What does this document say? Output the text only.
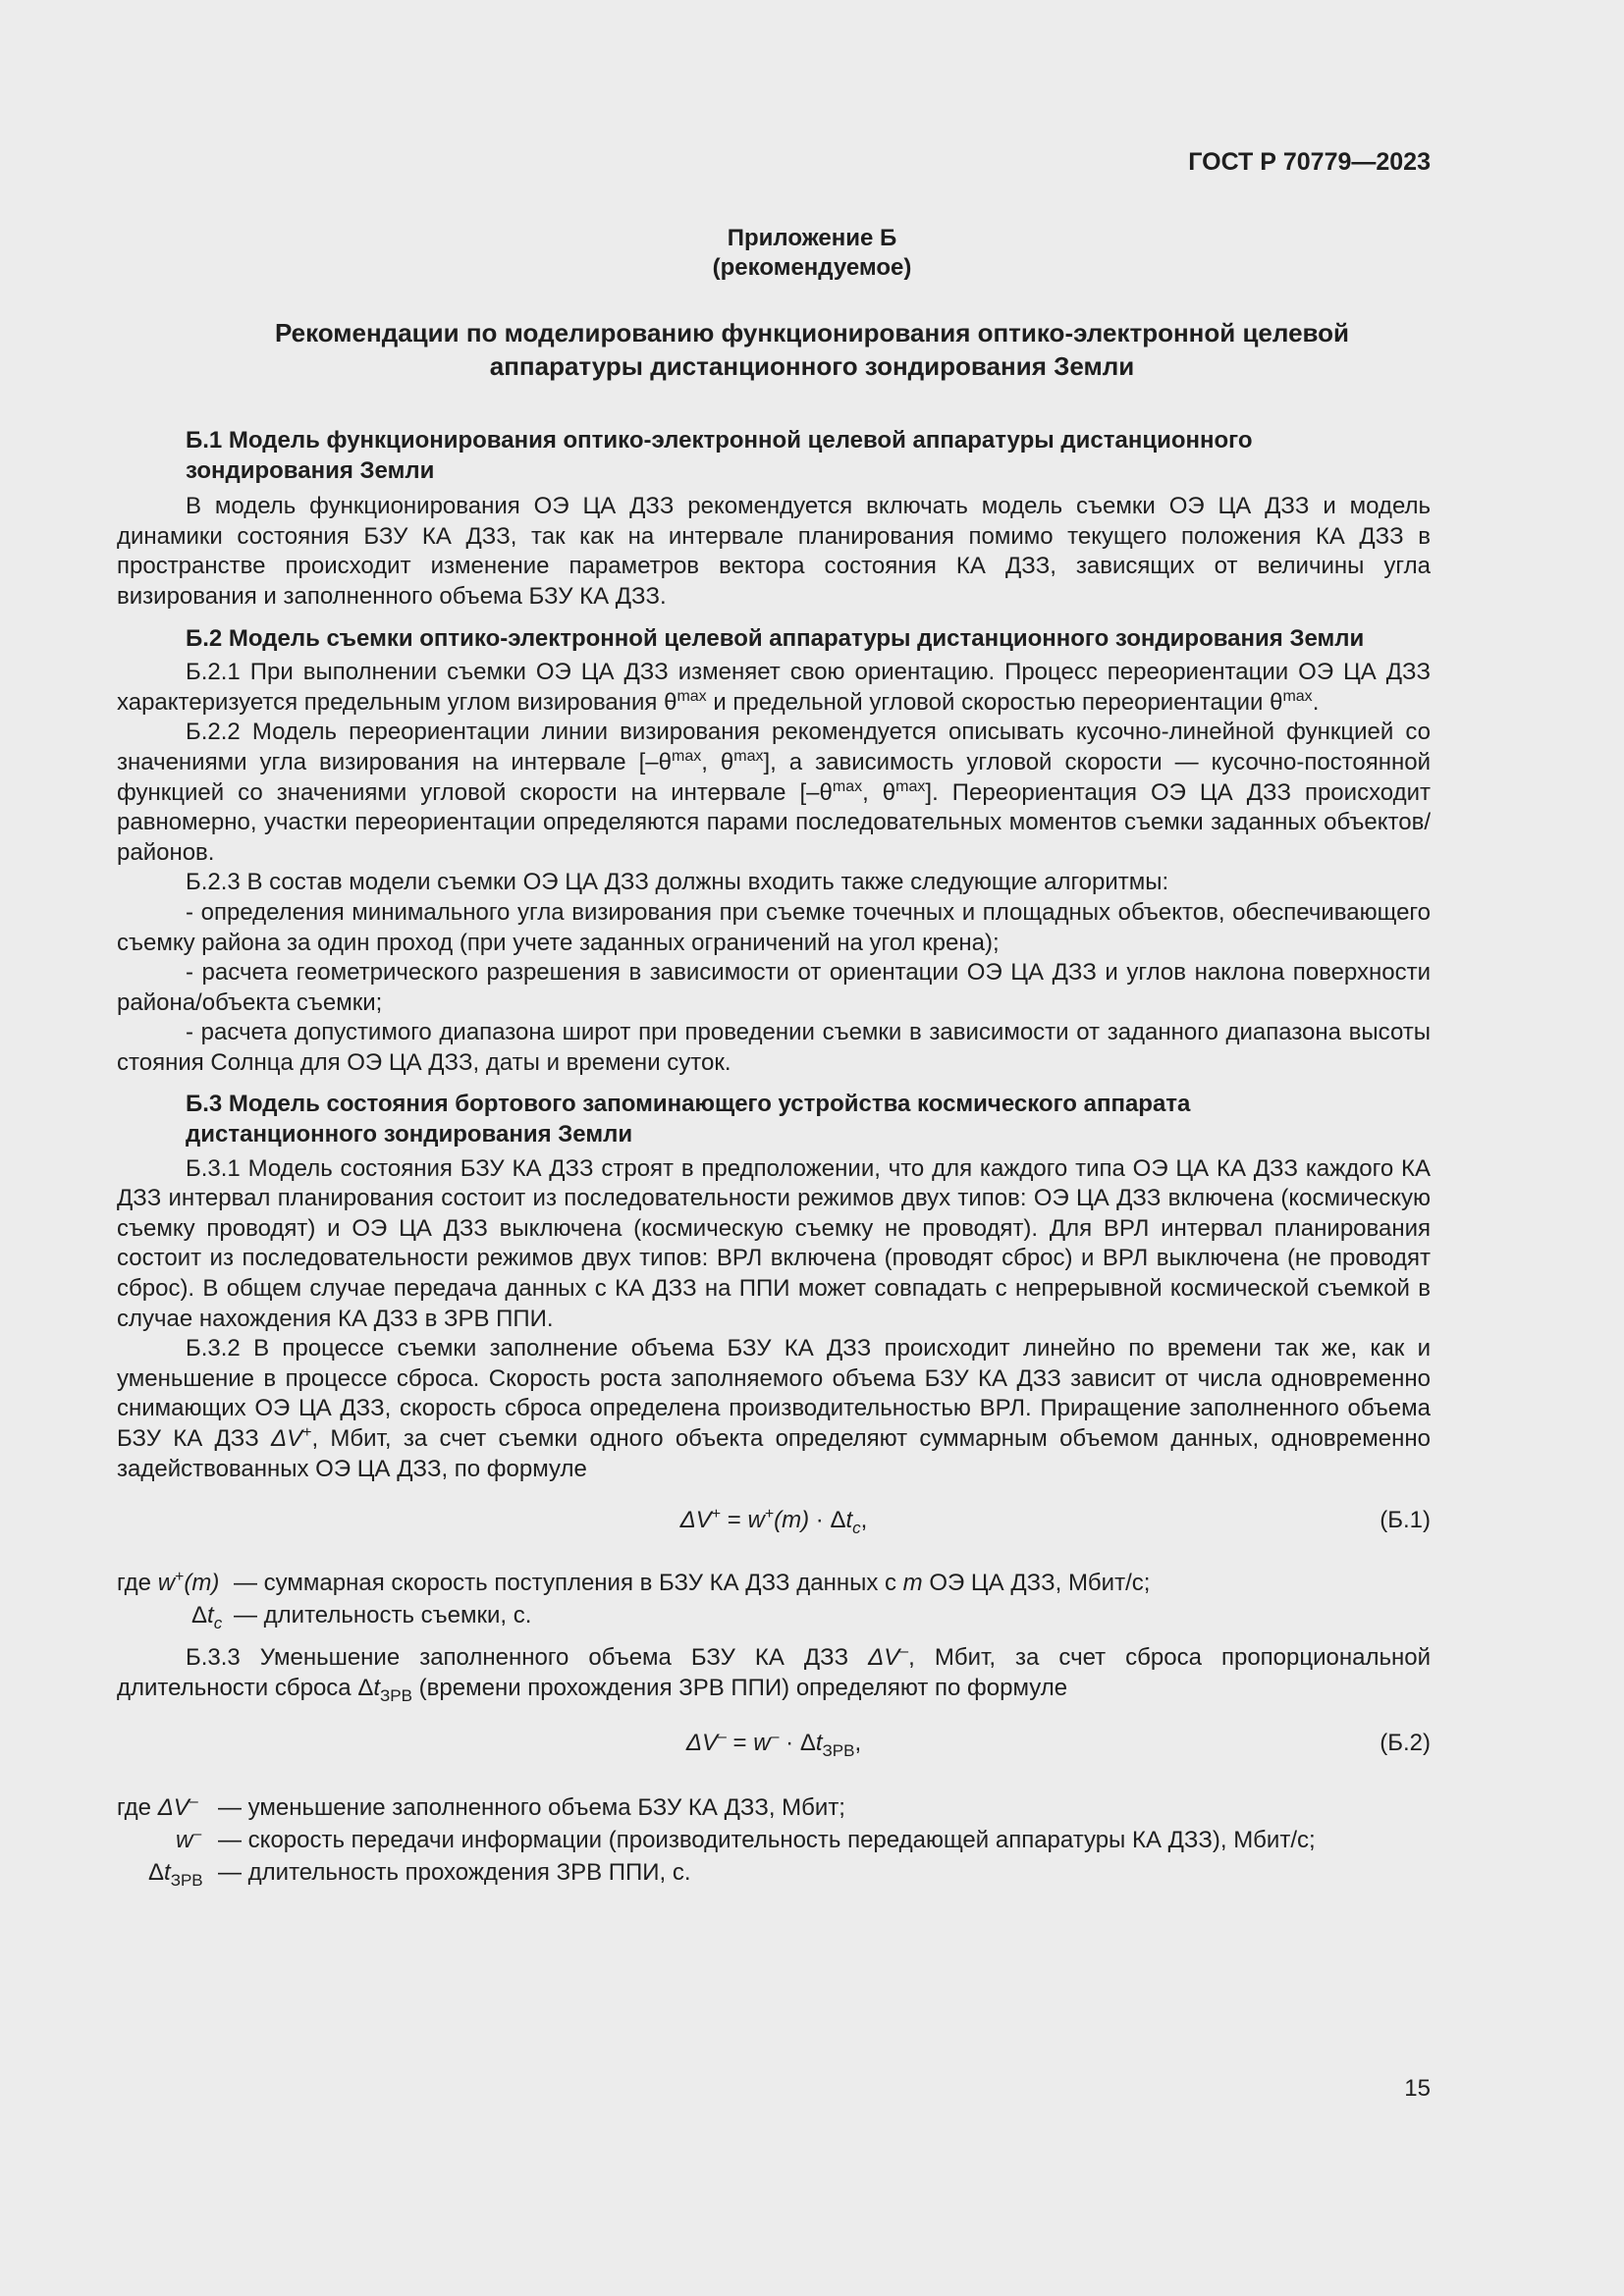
ГОСТ Р 70779—2023
Приложение Б
(рекомендуемое)
Рекомендации по моделированию функционирования оптико-электронной целевой
аппаратуры дистанционного зондирования Земли
Б.1 Модель функционирования оптико-электронной целевой аппаратуры дистанционного
зондирования Земли

В модель функционирования ОЭ ЦА ДЗЗ рекомендуется включать модель съемки ОЭ ЦА ДЗЗ и модель динамики состояния БЗУ КА ДЗЗ, так как на интервале планирования помимо текущего положения КА ДЗЗ в пространстве происходит изменение параметров вектора состояния КА ДЗЗ, зависящих от величины угла визирования и заполненного объема БЗУ КА ДЗЗ.

Б.2 Модель съемки оптико-электронной целевой аппаратуры дистанционного зондирования Земли

Б.2.1 При выполнении съемки ОЭ ЦА ДЗЗ изменяет свою ориентацию. Процесс переориентации ОЭ ЦА ДЗЗ характеризуется предельным углом визирования $\theta^{max}$ и предельной угловой скоростью переориентации $\theta^{max}$.

Б.2.2 Модель переориентации линии визирования рекомендуется описывать кусочно-линейной функцией со значениями угла визирования на интервале [$-\theta^{max}$, $\theta^{max}$], а зависимость угловой скорости — кусочно-постоянной функцией со значениями угловой скорости на интервале [$-\theta^{max}$, $\theta^{max}$]. Переориентация ОЭ ЦА ДЗЗ происходит равномерно, участки переориентации определяются парами последовательных моментов съемки заданных объектов/районов.

Б.2.3 В состав модели съемки ОЭ ЦА ДЗЗ должны входить также следующие алгоритмы:

- определения минимального угла визирования при съемке точечных и площадных объектов, обеспечивающего съемку района за один проход (при учете заданных ограничений на угол крена);

- расчета геометрического разрешения в зависимости от ориентации ОЭ ЦА ДЗЗ и углов наклона поверхности района/объекта съемки;

- расчета допустимого диапазона широт при проведении съемки в зависимости от заданного диапазона высоты стояния Солнца для ОЭ ЦА ДЗЗ, даты и времени суток.

Б.3 Модель состояния бортового запоминающего устройства космического аппарата
дистанционного зондирования Земли

Б.3.1 Модель состояния БЗУ КА ДЗЗ строят в предположении, что для каждого типа ОЭ ЦА КА ДЗЗ каждого КА ДЗЗ интервал планирования состоит из последовательности режимов двух типов: ОЭ ЦА ДЗЗ включена (космическую съемку проводят) и ОЭ ЦА ДЗЗ выключена (космическую съемку не проводят). Для ВРЛ интервал планирования состоит из последовательности режимов двух типов: ВРЛ включена (проводят сброс) и ВРЛ выключена (не проводят сброс). В общем случае передача данных с КА ДЗЗ на ППИ может совпадать с непрерывной космической съемкой в случае нахождения КА ДЗЗ в ЗРВ ППИ.

Б.3.2 В процессе съемки заполнение объема БЗУ КА ДЗЗ происходит линейно по времени так же, как и уменьшение в процессе сброса. Скорость роста заполняемого объема БЗУ КА ДЗЗ зависит от числа одновременно снимающих ОЭ ЦА ДЗЗ, скорость сброса определена производительностью ВРЛ. Приращение заполненного объема БЗУ КА ДЗЗ ΔV+, Мбит, за счет съемки одного объекта определяют суммарным объемом данных, одновременно задействованных ОЭ ЦА ДЗЗ, по формуле

$\Delta V^+ = w^+(m) \cdot \Delta t_c$,	(Б.1)
где w+(m) — суммарная скорость поступления в БЗУ КА ДЗЗ данных с m ОЭ ЦА ДЗЗ, Мбит/с;
$\Delta t_c$ — длительность съемки, с.

Б.3.3 Уменьшение заполненного объема БЗУ КА ДЗЗ ΔV–, Мбит, за счет сброса пропорциональной длительности сброса $\Delta t_{ЗРВ}$ (времени прохождения ЗРВ ППИ) определяют по формуле

$\Delta V^- = w^- \cdot \Delta t_{ЗРВ}$,	(Б.2)
где ΔV– — уменьшение заполненного объема БЗУ КА ДЗЗ, Мбит;
w– — скорость передачи информации (производительность передающей аппаратуры КА ДЗЗ), Мбит/с;
$\Delta t_{ЗРВ}$ — длительность прохождения ЗРВ ППИ, с.
15
